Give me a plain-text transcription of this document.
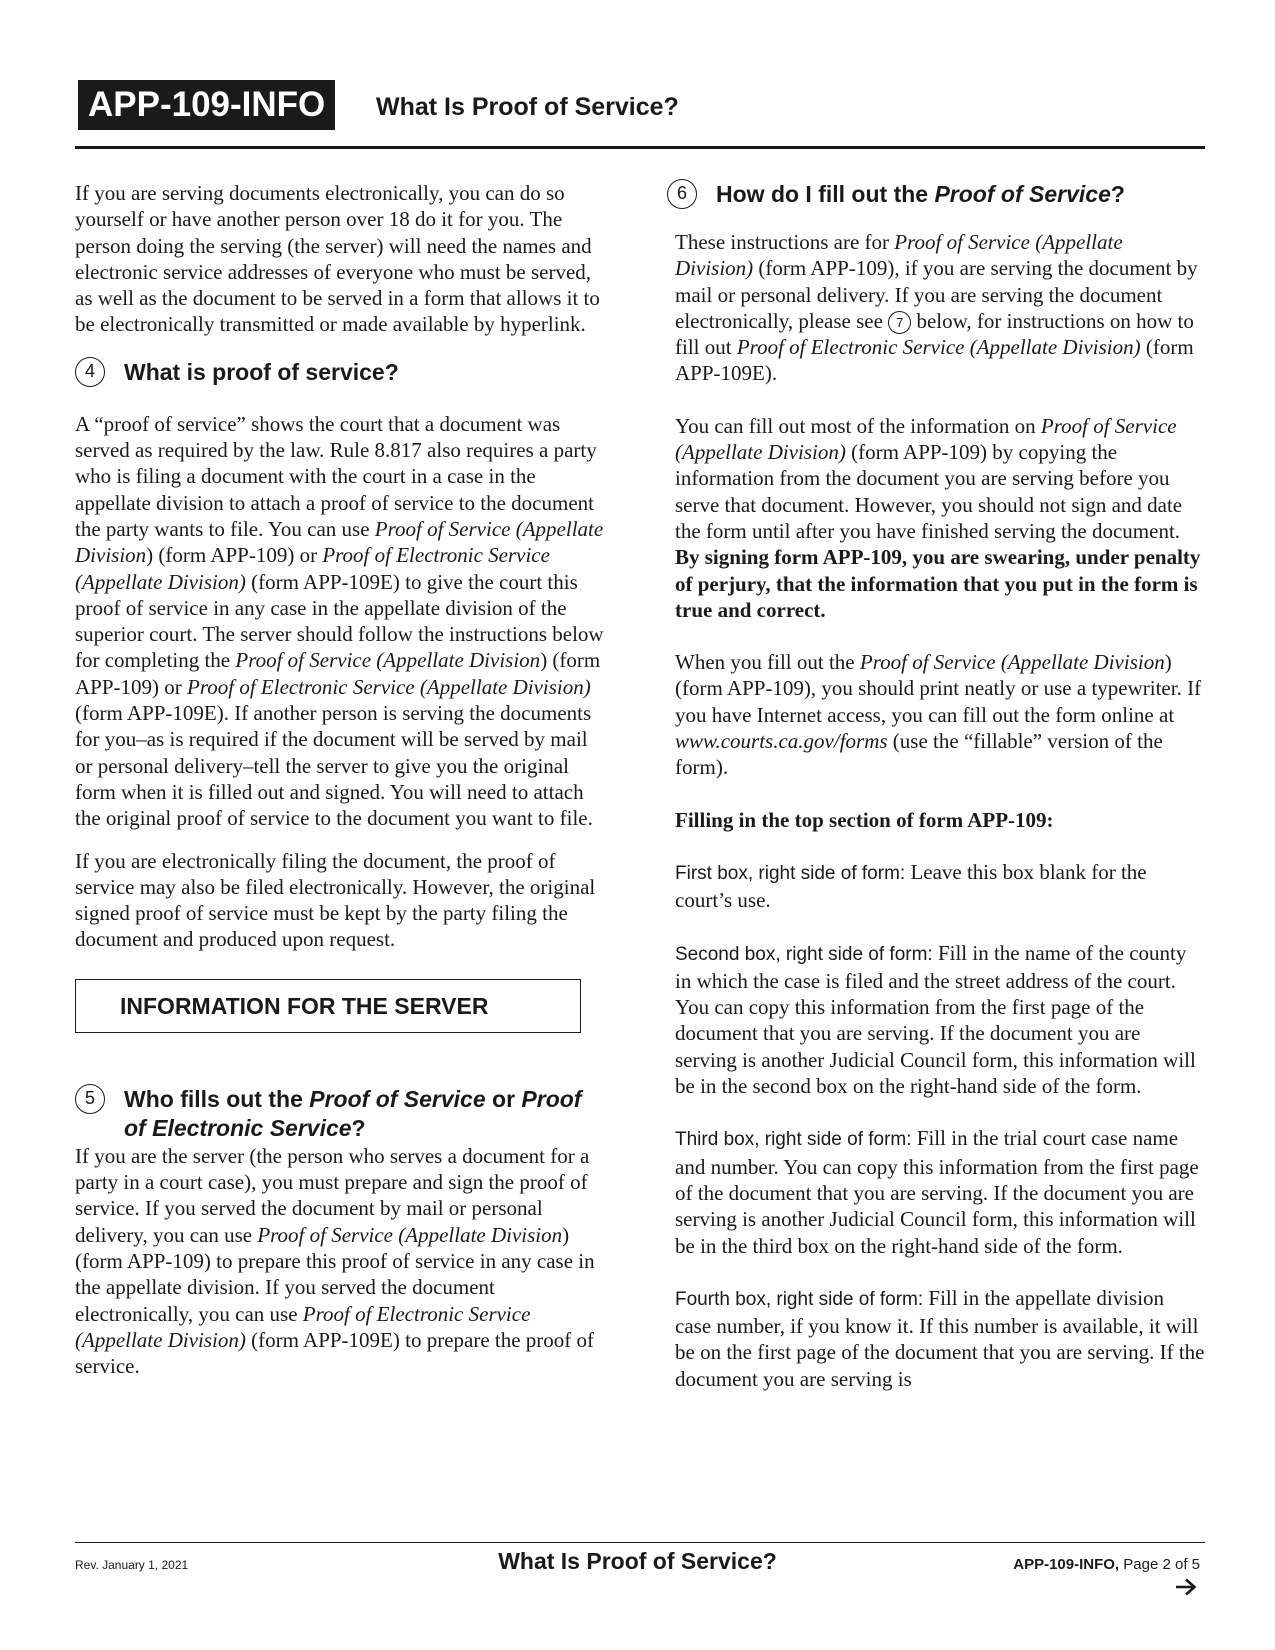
APP-109-INFO	What Is Proof of Service?

If you are serving documents electronically, you can do so yourself or have another person over 18 do it for you. The person doing the serving (the server) will need the names and electronic service addresses of everyone who must be served, as well as the document to be served in a form that allows it to be electronically transmitted or made available by hyperlink.

4	What is proof of service?

A “proof of service” shows the court that a document was served as required by the law. Rule 8.817 also requires a party who is filing a document with the court in a case in the appellate division to attach a proof of service to the document the party wants to file. You can use Proof of Service (Appellate Division) (form APP-109) or Proof of Electronic Service (Appellate Division) (form APP-109E) to give the court this proof of service in any case in the appellate division of the superior court. The server should follow the instructions below for completing the Proof of Service (Appellate Division) (form APP-109) or Proof of Electronic Service (Appellate Division) (form APP-109E). If another person is serving the documents for you–as is required if the document will be served by mail or personal delivery–tell the server to give you the original form when it is filled out and signed. You will need to attach the original proof of service to the document you want to file.

If you are electronically filing the document, the proof of service may also be filed electronically. However, the original signed proof of service must be kept by the party filing the document and produced upon request.

INFORMATION FOR THE SERVER
5	Who fills out the Proof of Service or Proof of Electronic Service?

If you are the server (the person who serves a document for a party in a court case), you must prepare and sign the proof of service. If you served the document by mail or personal delivery, you can use Proof of Service (Appellate Division) (form APP-109) to prepare this proof of service in any case in the appellate division. If you served the document electronically, you can use Proof of Electronic Service (Appellate Division) (form APP-109E) to prepare the proof of service.

6	How do I fill out the Proof of Service?

These instructions are for Proof of Service (Appellate Division) (form APP-109), if you are serving the document by mail or personal delivery. If you are serving the document electronically, please see 7 below, for instructions on how to fill out Proof of Electronic Service (Appellate Division) (form APP-109E).

You can fill out most of the information on Proof of Service (Appellate Division) (form APP-109) by copying the information from the document you are serving before you serve that document. However, you should not sign and date the form until after you have finished serving the document. By signing form APP-109, you are swearing, under penalty of perjury, that the information that you put in the form is true and correct.

When you fill out the Proof of Service (Appellate Division) (form APP-109), you should print neatly or use a typewriter. If you have Internet access, you can fill out the form online at www.courts.ca.gov/forms (use the “fillable” version of the form).

Filling in the top section of form APP-109:

First box, right side of form: Leave this box blank for the court’s use.

Second box, right side of form: Fill in the name of the county in which the case is filed and the street address of the court. You can copy this information from the first page of the document that you are serving. If the document you are serving is another Judicial Council form, this information will be in the second box on the right-hand side of the form.

Third box, right side of form: Fill in the trial court case name and number. You can copy this information from the first page of the document that you are serving. If the document you are serving is another Judicial Council form, this information will be in the third box on the right-hand side of the form.

Fourth box, right side of form: Fill in the appellate division case number, if you know it. If this number is available, it will be on the first page of the document that you are serving. If the document you are serving is

Rev. January 1, 2021	What Is Proof of Service?	APP-109-INFO, Page 2 of 5
